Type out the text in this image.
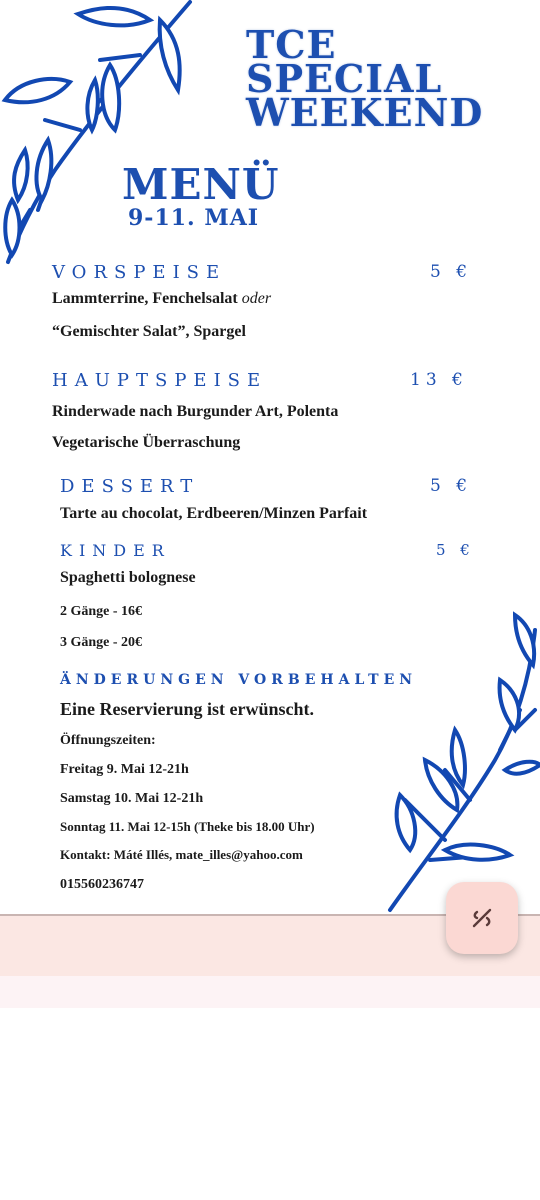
TCE
SPECIAL
WEEKEND
MENÜ
9-11. MAI
VORSPEISE	5 €
Lammterrine, Fenchelsalat oder
“Gemischter Salat”, Spargel
HAUPTSPEISE	13 €
Rinderwade nach Burgunder Art, Polenta
Vegetarische Überraschung
DESSERT	5 €
Tarte au chocolat, Erdbeeren/Minzen Parfait
KINDER	5 €
Spaghetti bolognese
2 Gänge - 16€
3 Gänge - 20€
ÄNDERUNGEN VORBEHALTEN
Eine Reservierung ist erwünscht.
Öffnungszeiten:
Freitag 9. Mai 12-21h
Samstag 10. Mai 12-21h
Sonntag 11. Mai 12-15h (Theke bis 18.00 Uhr)
Kontakt: Máté Illés, mate_illes@yahoo.com
015560236747
